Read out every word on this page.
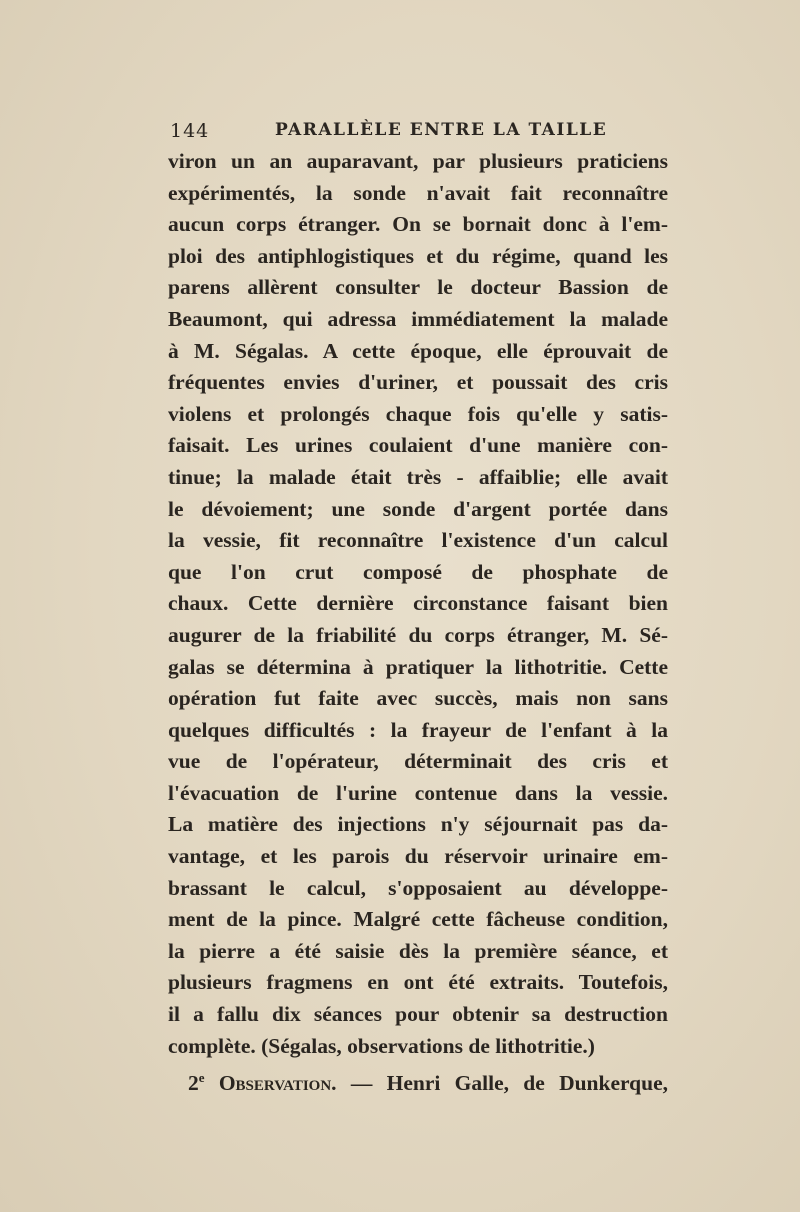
144	PARALLÈLE ENTRE LA TAILLE
viron un an auparavant, par plusieurs praticiens
expérimentés, la sonde n'avait fait reconnaître
aucun corps étranger. On se bornait donc à l'em-
ploi des antiphlogistiques et du régime, quand les
parens allèrent consulter le docteur Bassion de
Beaumont, qui adressa immédiatement la malade
à M. Ségalas. A cette époque, elle éprouvait de
fréquentes envies d'uriner, et poussait des cris
violens et prolongés chaque fois qu'elle y satis-
faisait. Les urines coulaient d'une manière con-
tinue; la malade était très - affaiblie; elle avait
le dévoiement; une sonde d'argent portée dans
la vessie, fit reconnaître l'existence d'un calcul
que l'on crut composé de phosphate de
chaux. Cette dernière circonstance faisant bien
augurer de la friabilité du corps étranger, M. Sé-
galas se détermina à pratiquer la lithotritie. Cette
opération fut faite avec succès, mais non sans
quelques difficultés : la frayeur de l'enfant à la
vue de l'opérateur, déterminait des cris et
l'évacuation de l'urine contenue dans la vessie.
La matière des injections n'y séjournait pas da-
vantage, et les parois du réservoir urinaire em-
brassant le calcul, s'opposaient au développe-
ment de la pince. Malgré cette fâcheuse condition,
la pierre a été saisie dès la première séance, et
plusieurs fragmens en ont été extraits. Toutefois,
il a fallu dix séances pour obtenir sa destruction
complète. (Ségalas, observations de lithotritie.)
2e Observation. — Henri Galle, de Dunkerque,
